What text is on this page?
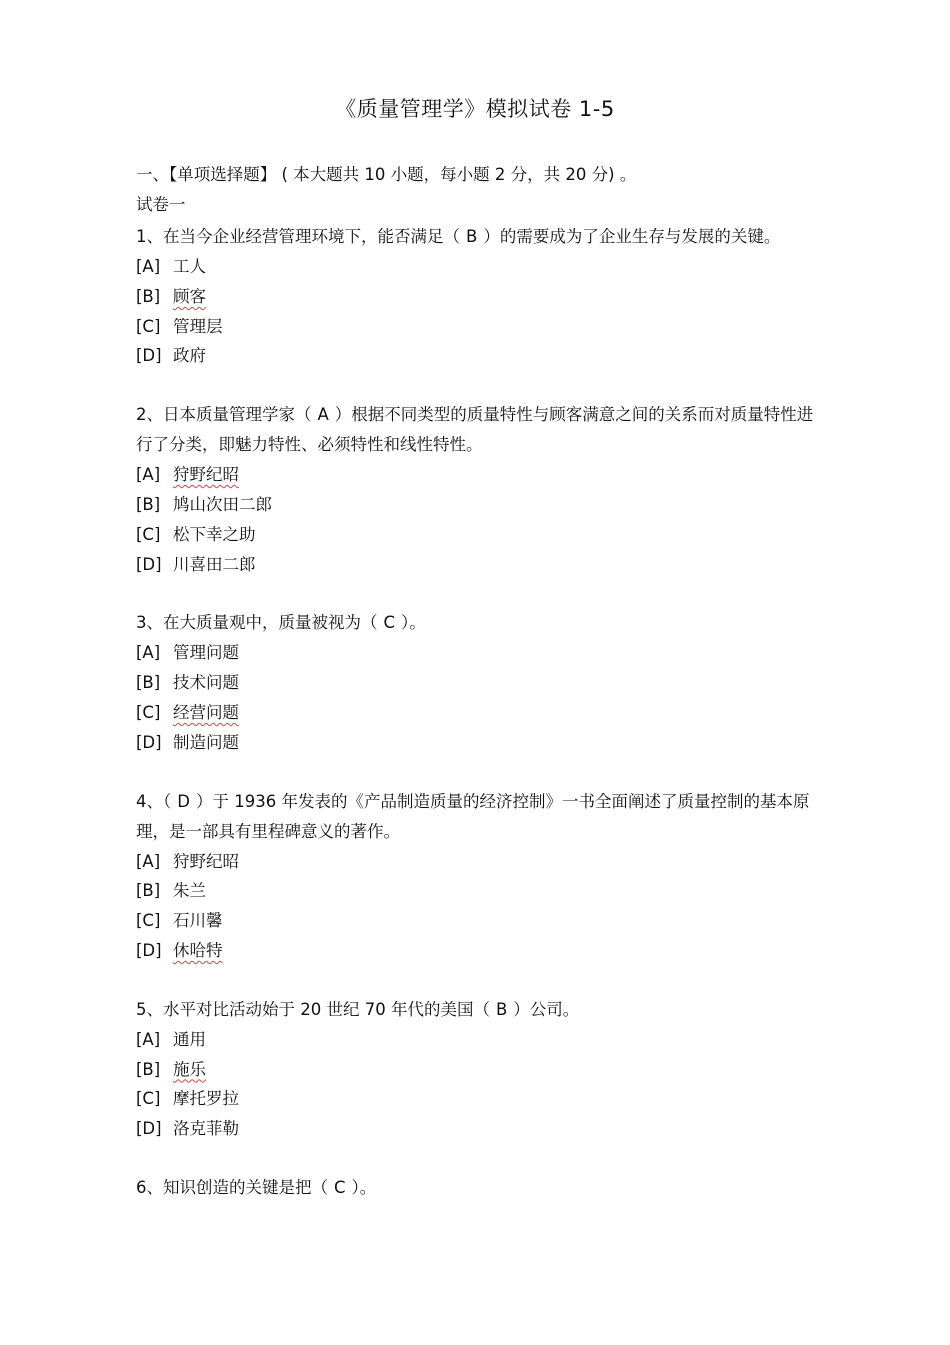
《质量管理学》模拟试卷 1-5
一、【单项选择题】 ( 本大题共 10 小题，每小题 2 分，共 20 分) 。
试卷一
1、在当今企业经营管理环境下，能否满足（ B ）的需要成为了企业生存与发展的关键。
[A] 工人
[B] 顾客
[C] 管理层
[D] 政府
2、日本质量管理学家（ A ）根据不同类型的质量特性与顾客满意之间的关系而对质量特性进行了分类，即魅力特性、必须特性和线性特性。
[A] 狩野纪昭
[B] 鸠山次田二郎
[C] 松下幸之助
[D] 川喜田二郎
3、在大质量观中，质量被视为（ C ）。
[A] 管理问题
[B] 技术问题
[C] 经营问题
[D] 制造问题
4、（ D ）于 1936 年发表的《产品制造质量的经济控制》一书全面阐述了质量控制的基本原理，是一部具有里程碑意义的著作。
[A] 狩野纪昭
[B] 朱兰
[C] 石川馨
[D] 休哈特
5、水平对比活动始于 20 世纪 70 年代的美国（ B ）公司。
[A] 通用
[B] 施乐
[C] 摩托罗拉
[D] 洛克菲勒
6、知识创造的关键是把（ C ）。
